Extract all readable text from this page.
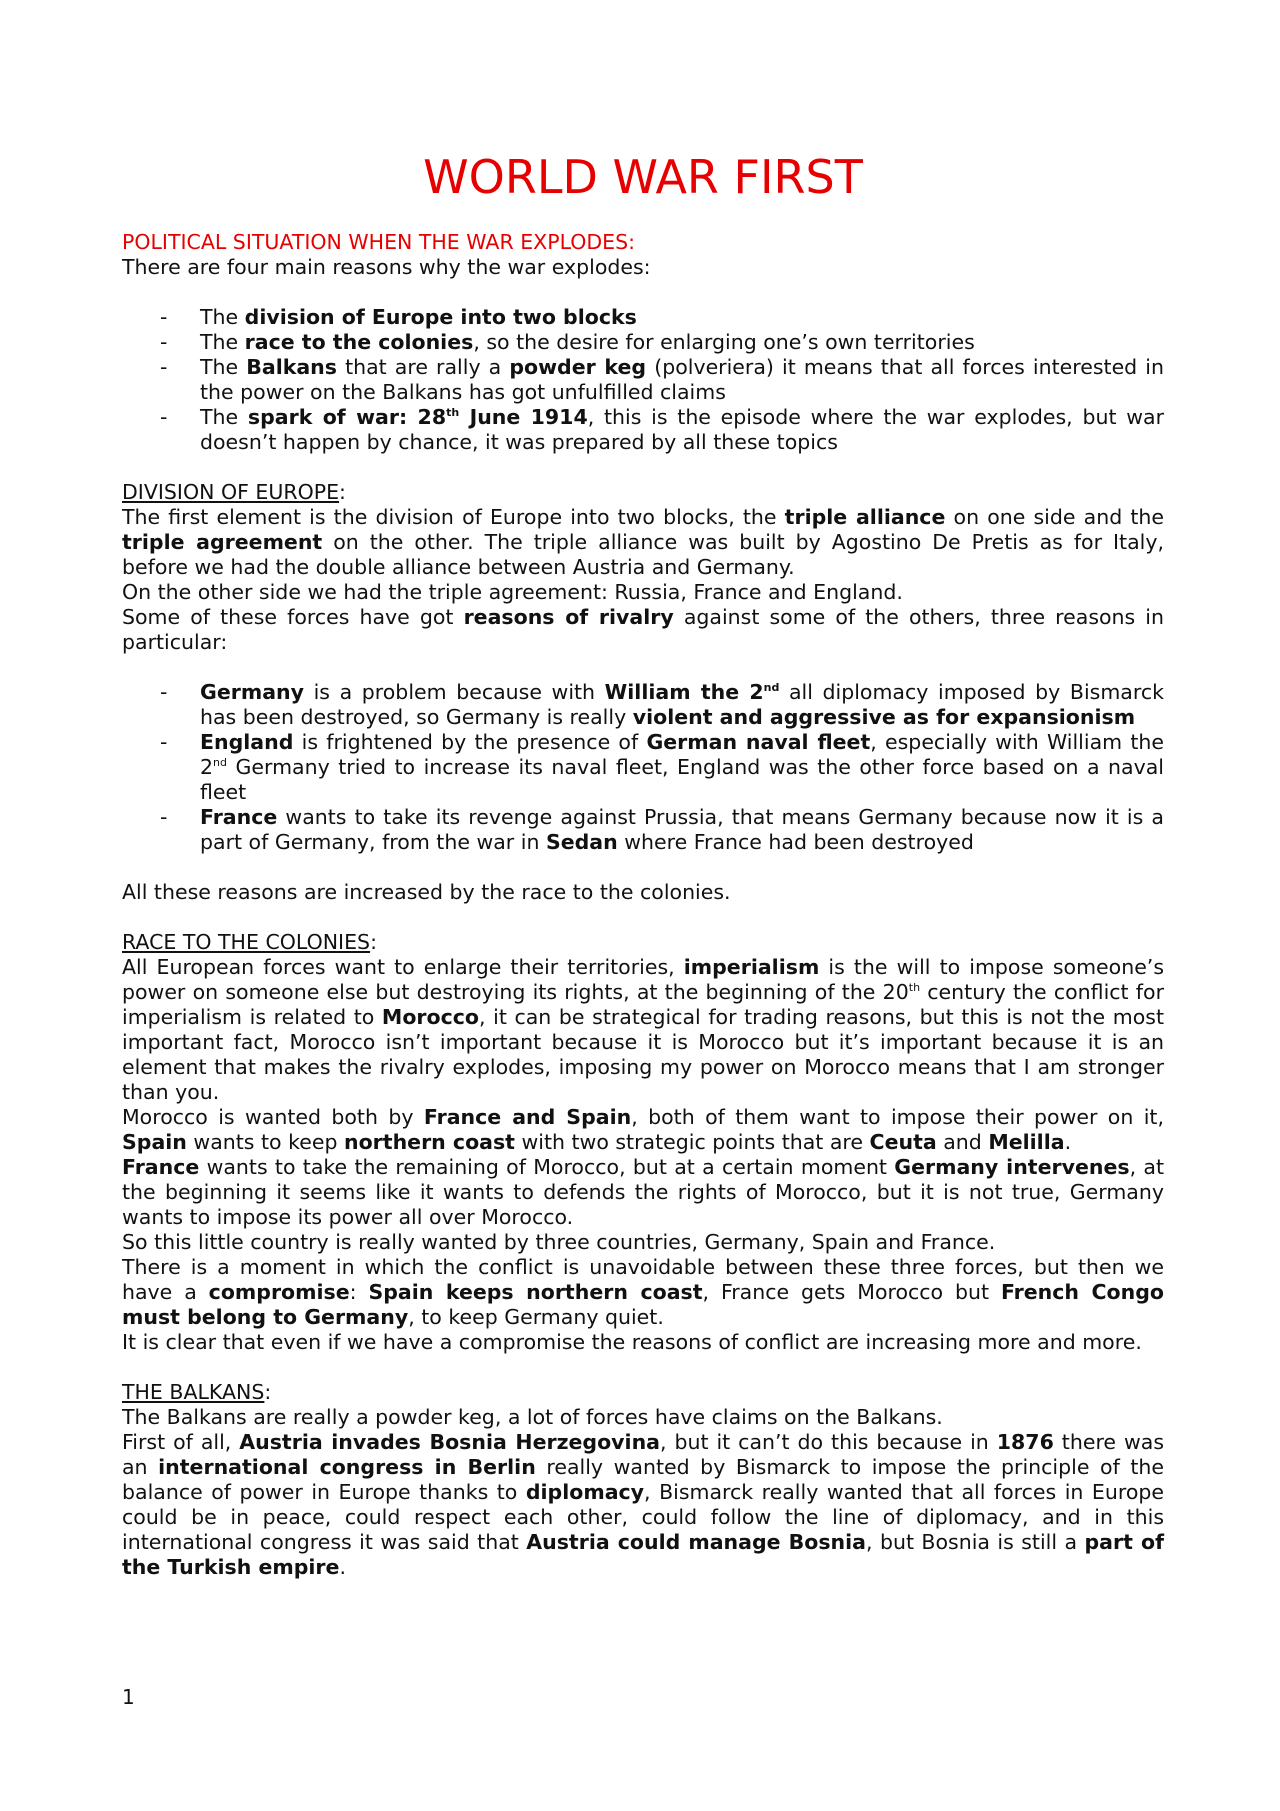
WORLD WAR FIRST

POLITICAL SITUATION WHEN THE WAR EXPLODES:

There are four main reasons why the war explodes:

- The division of Europe into two blocks
- The race to the colonies, so the desire for enlarging one’s own territories
- The Balkans that are rally a powder keg (polveriera) it means that all forces interested in the power on the Balkans has got unfulfilled claims
- The spark of war: 28th June 1914, this is the episode where the war explodes, but war doesn’t happen by chance, it was prepared by all these topics

DIVISION OF EUROPE:

The first element is the division of Europe into two blocks, the triple alliance on one side and the triple agreement on the other. The triple alliance was built by Agostino De Pretis as for Italy, before we had the double alliance between Austria and Germany.

On the other side we had the triple agreement: Russia, France and England.

Some of these forces have got reasons of rivalry against some of the others, three reasons in particular:

- Germany is a problem because with William the 2nd all diplomacy imposed by Bismarck has been destroyed, so Germany is really violent and aggressive as for expansionism
- England is frightened by the presence of German naval fleet, especially with William the 2nd Germany tried to increase its naval fleet, England was the other force based on a naval fleet
- France wants to take its revenge against Prussia, that means Germany because now it is a part of Germany, from the war in Sedan where France had been destroyed

All these reasons are increased by the race to the colonies.

RACE TO THE COLONIES:

All European forces want to enlarge their territories, imperialism is the will to impose someone’s power on someone else but destroying its rights, at the beginning of the 20th century the conflict for imperialism is related to Morocco, it can be strategical for trading reasons, but this is not the most important fact, Morocco isn’t important because it is Morocco but it’s important because it is an element that makes the rivalry explodes, imposing my power on Morocco means that I am stronger than you.

Morocco is wanted both by France and Spain, both of them want to impose their power on it, Spain wants to keep northern coast with two strategic points that are Ceuta and Melilla.

France wants to take the remaining of Morocco, but at a certain moment Germany intervenes, at the beginning it seems like it wants to defends the rights of Morocco, but it is not true, Germany wants to impose its power all over Morocco.

So this little country is really wanted by three countries, Germany, Spain and France.

There is a moment in which the conflict is unavoidable between these three forces, but then we have a compromise: Spain keeps northern coast, France gets Morocco but French Congo must belong to Germany, to keep Germany quiet.

It is clear that even if we have a compromise the reasons of conflict are increasing more and more.

THE BALKANS:

The Balkans are really a powder keg, a lot of forces have claims on the Balkans.

First of all, Austria invades Bosnia Herzegovina, but it can’t do this because in 1876 there was an international congress in Berlin really wanted by Bismarck to impose the principle of the balance of power in Europe thanks to diplomacy, Bismarck really wanted that all forces in Europe could be in peace, could respect each other, could follow the line of diplomacy, and in this international congress it was said that Austria could manage Bosnia, but Bosnia is still a part of the Turkish empire.

1
